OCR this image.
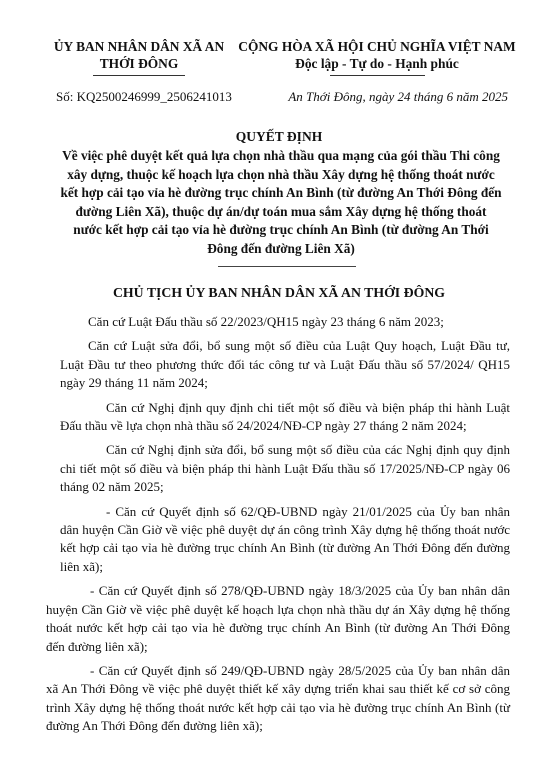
ỦY BAN NHÂN DÂN XÃ AN
THỚI ĐÔNG
CỘNG HÒA XÃ HỘI CHỦ NGHĨA VIỆT NAM
Độc lập - Tự do - Hạnh phúc
Số: KQ2500246999_2506241013	An Thới Đông, ngày 24 tháng 6 năm 2025
QUYẾT ĐỊNH
Về việc phê duyệt kết quả lựa chọn nhà thầu qua mạng của gói thầu Thi công xây dựng, thuộc kế hoạch lựa chọn nhà thầu Xây dựng hệ thống thoát nước kết hợp cải tạo vỉa hè đường trục chính An Bình (từ đường An Thới Đông đến đường Liên Xã), thuộc dự án/dự toán mua sắm Xây dựng hệ thống thoát nước kết hợp cải tạo vỉa hè đường trục chính An Bình (từ đường An Thới Đông đến đường Liên Xã)
CHỦ TỊCH ỦY BAN NHÂN DÂN XÃ AN THỚI ĐÔNG

Căn cứ Luật Đấu thầu số 22/2023/QH15 ngày 23 tháng 6 năm 2023;

Căn cứ Luật sửa đổi, bổ sung một số điều của Luật Quy hoạch, Luật Đầu tư, Luật Đầu tư theo phương thức đối tác công tư và Luật Đấu thầu số 57/2024/ QH15 ngày 29 tháng 11 năm 2024;

Căn cứ Nghị định quy định chi tiết một số điều và biện pháp thi hành Luật Đấu thầu về lựa chọn nhà thầu số 24/2024/NĐ-CP ngày 27 tháng 2 năm 2024;

Căn cứ Nghị định sửa đổi, bổ sung một số điều của các Nghị định quy định chi tiết một số điều và biện pháp thi hành Luật Đấu thầu số 17/2025/NĐ-CP ngày 06 tháng 02 năm 2025;

- Căn cứ Quyết định số 62/QĐ-UBND ngày 21/01/2025 của Ủy ban nhân dân huyện Cần Giờ về việc phê duyệt dự án công trình Xây dựng hệ thống thoát nước kết hợp cải tạo vỉa hè đường trục chính An Bình (từ đường An Thới Đông đến đường liên xã);

- Căn cứ Quyết định số 278/QĐ-UBND ngày 18/3/2025 của Ủy ban nhân dân huyện Cần Giờ về việc phê duyệt kế hoạch lựa chọn nhà thầu dự án Xây dựng hệ thống thoát nước kết hợp cải tạo vỉa hè đường trục chính An Bình (từ đường An Thới Đông đến đường liên xã);

- Căn cứ Quyết định số 249/QĐ-UBND ngày 28/5/2025 của Ủy ban nhân dân xã An Thới Đông về việc phê duyệt thiết kế xây dựng triển khai sau thiết kế cơ sở công trình Xây dựng hệ thống thoát nước kết hợp cải tạo vỉa hè đường trục chính An Bình (từ đường An Thới Đông đến đường liên xã);
